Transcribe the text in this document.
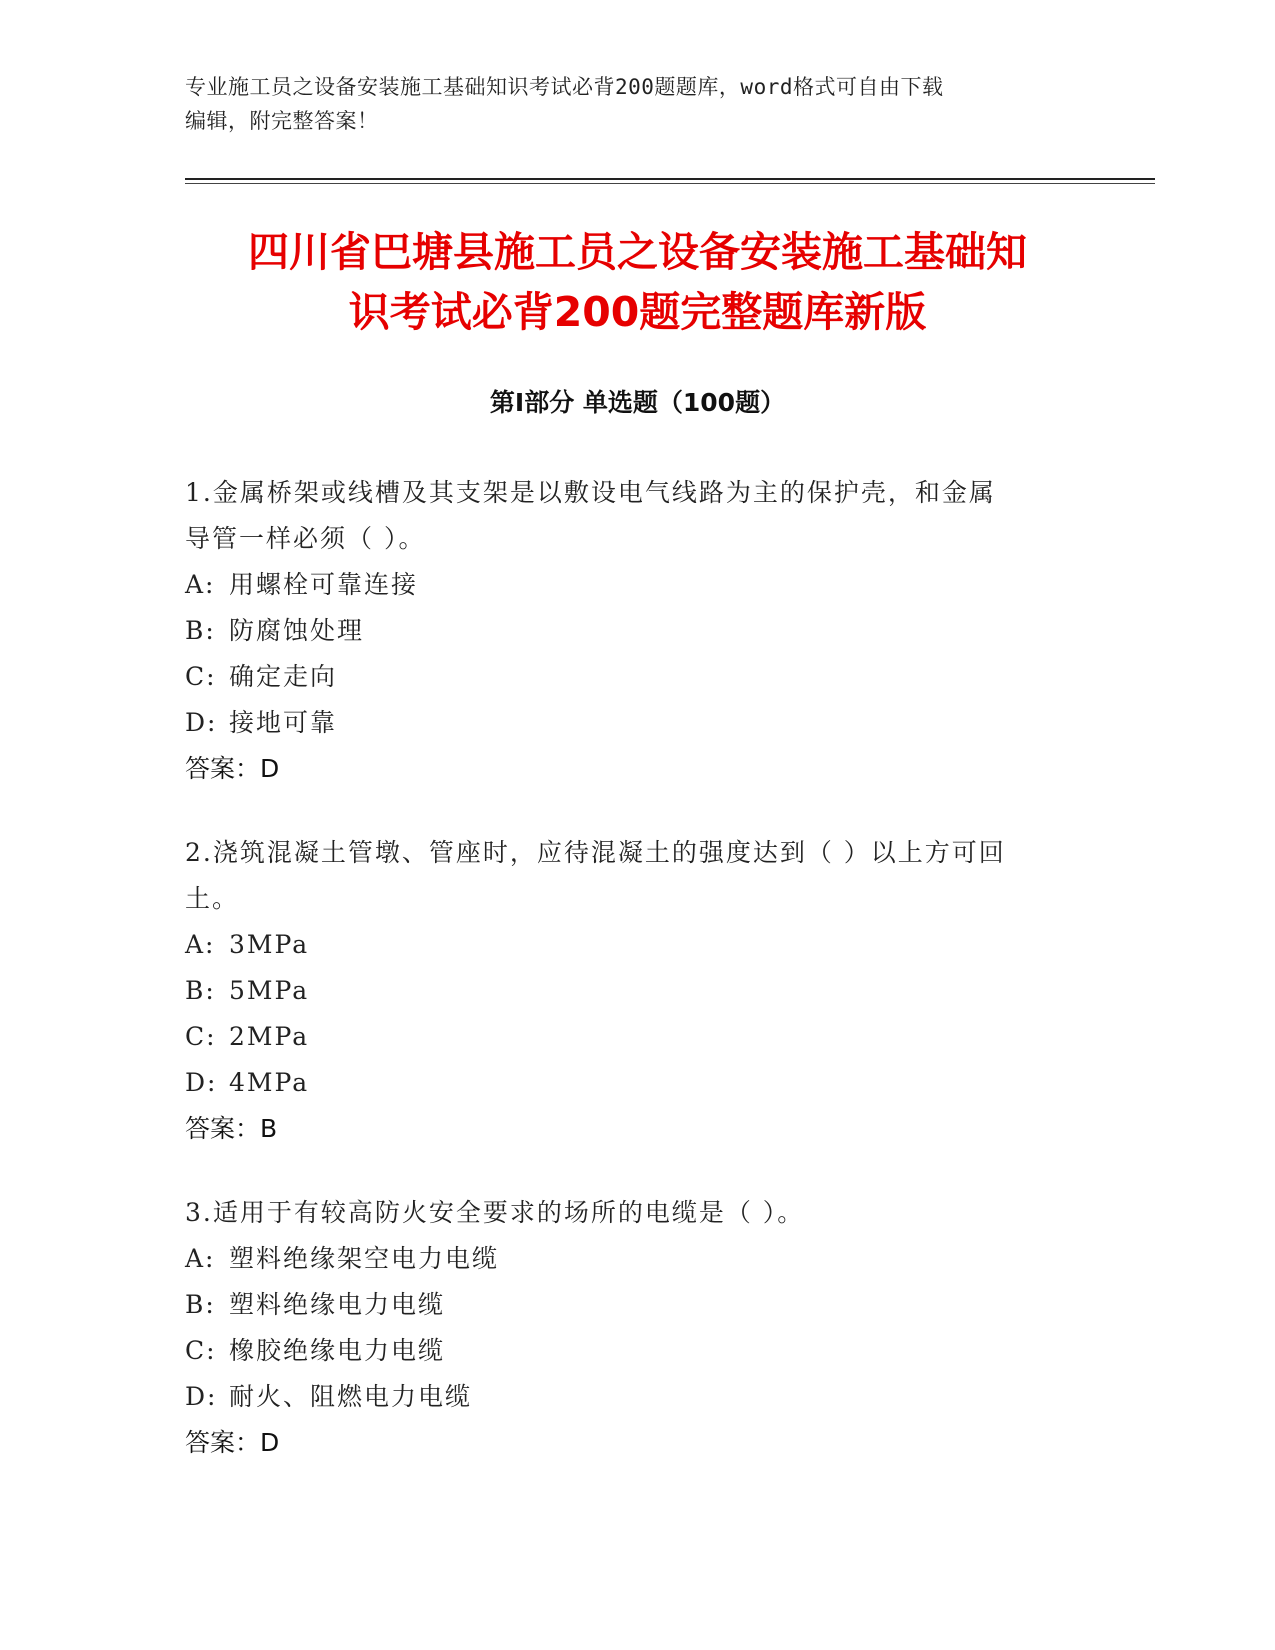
专业施工员之设备安装施工基础知识考试必背200题题库，word格式可自由下载
编辑，附完整答案！
四川省巴塘县施工员之设备安装施工基础知
识考试必背200题完整题库新版
第Ⅰ部分 单选题（100题）

1.金属桥架或线槽及其支架是以敷设电气线路为主的保护壳，和金属
导管一样必须（ ）。

A: 用螺栓可靠连接

B: 防腐蚀处理

C: 确定走向

D: 接地可靠

答案：D

2.浇筑混凝土管墩、管座时，应待混凝土的强度达到（ ）以上方可回
土。

A: 3MPa

B: 5MPa

C: 2MPa

D: 4MPa

答案：B

3.适用于有较高防火安全要求的场所的电缆是（ ）。

A: 塑料绝缘架空电力电缆

B: 塑料绝缘电力电缆

C: 橡胶绝缘电力电缆

D: 耐火、阻燃电力电缆

答案：D
